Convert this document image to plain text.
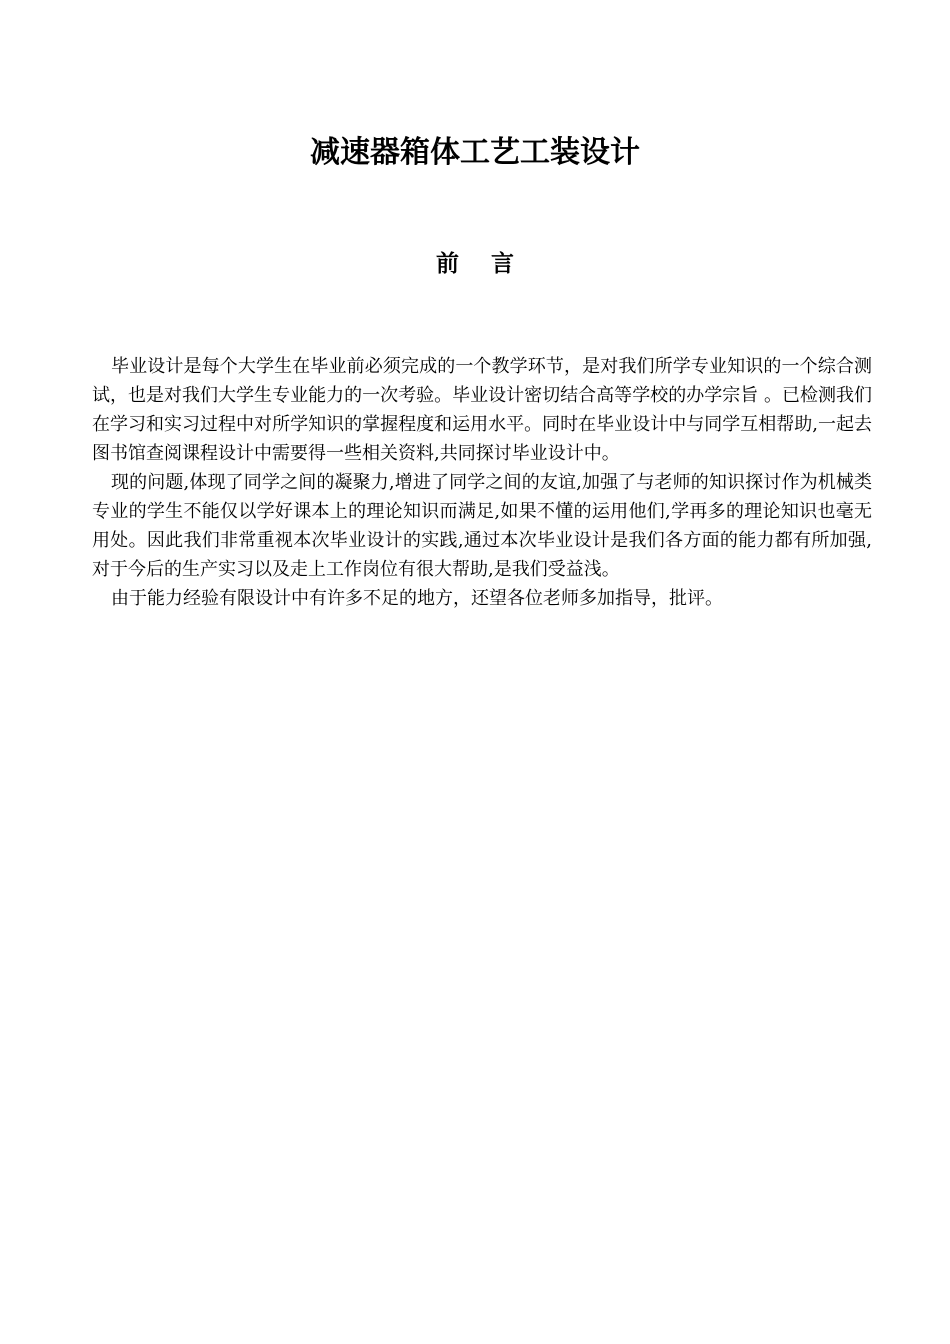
减速器箱体工艺工装设计
前    言

毕业设计是每个大学生在毕业前必须完成的一个教学环节，是对我们所学专业知识的一个综合测试，也是对我们大学生专业能力的一次考验。毕业设计密切结合高等学校的办学宗旨 。已检测我们在学习和实习过程中对所学知识的掌握程度和运用水平。同时在毕业设计中与同学互相帮助,一起去图书馆查阅课程设计中需要得一些相关资料,共同探讨毕业设计中。

现的问题,体现了同学之间的凝聚力,增进了同学之间的友谊,加强了与老师的知识探讨作为机械类专业的学生不能仅以学好课本上的理论知识而满足,如果不懂的运用他们,学再多的理论知识也毫无用处。因此我们非常重视本次毕业设计的实践,通过本次毕业设计是我们各方面的能力都有所加强,对于今后的生产实习以及走上工作岗位有很大帮助,是我们受益浅。

由于能力经验有限设计中有许多不足的地方，还望各位老师多加指导，批评。
